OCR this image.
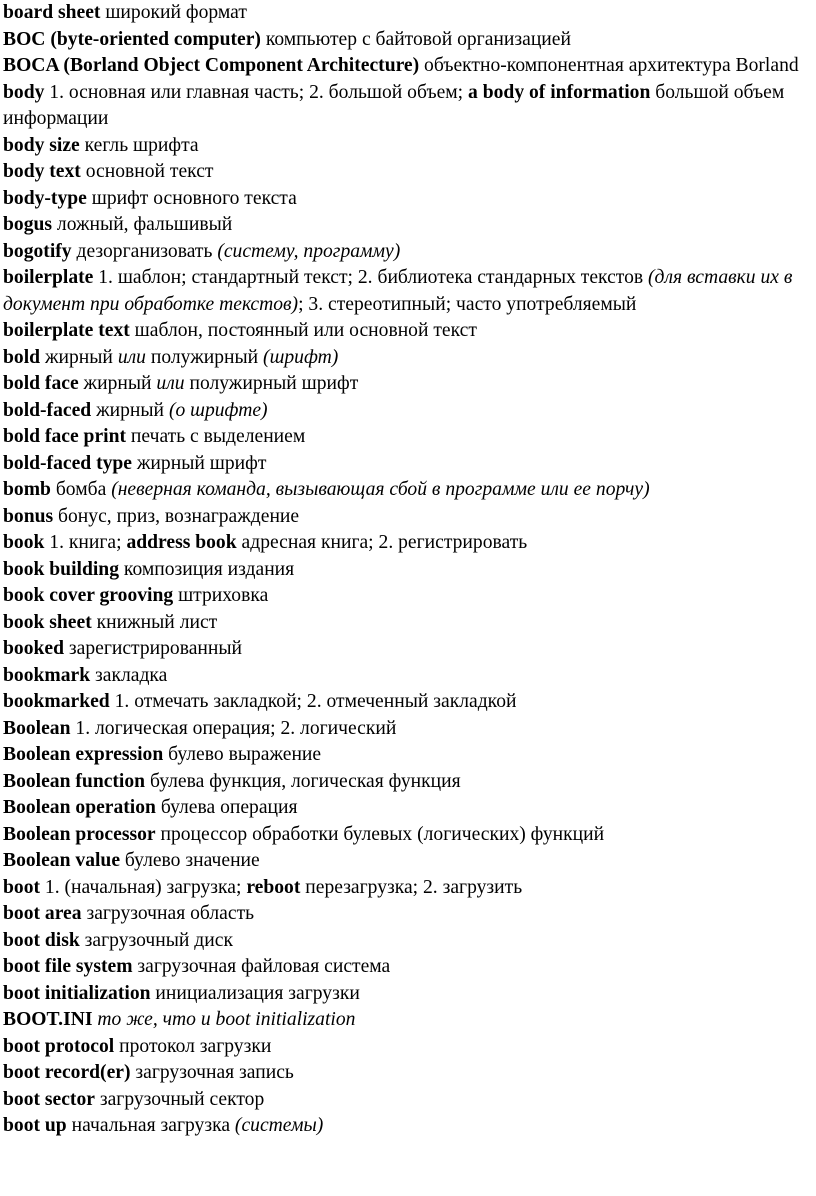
board sheet широкий формат
BOC (byte-oriented computer) компьютер с байтовой организацией
BOCA (Borland Object Component Architecture) объектно-компонентная архитектура Borland
body 1. основная или главная часть; 2. большой объем; a body of information большой объем информации
body size кегль шрифта
body text основной текст
body-type шрифт основного текста
bogus ложный, фальшивый
bogotify дезорганизовать (систему, программу)
boilerplate 1. шаблон; стандартный текст; 2. библиотека стандарных текстов (для вставки их в документ при обработке текстов); 3. стереотипный; часто употребляемый
boilerplate text шаблон, постоянный или основной текст
bold жирный или полужирный (шрифт)
bold face жирный или полужирный шрифт
bold-faced жирный (о шрифте)
bold face print печать с выделением
bold-faced type жирный шрифт
bomb бомба (неверная команда, вызывающая сбой в программе или ее порчу)
bonus бонус, приз, вознаграждение
book 1. книга; address book адресная книга; 2. регистрировать
book building композиция издания
book cover grooving штриховка
book sheet книжный лист
booked зарегистрированный
bookmark закладка
bookmarked 1. отмечать закладкой; 2. отмеченный закладкой
Boolean 1. логическая операция; 2. логический
Boolean expression булево выражение
Boolean function булева функция, логическая функция
Boolean operation булева операция
Boolean processor процессор обработки булевых (логических) функций
Boolean value булево значение
boot 1. (начальная) загрузка; reboot перезагрузка; 2. загрузить
boot area загрузочная область
boot disk загрузочный диск
boot file system загрузочная файловая система
boot initialization инициализация загрузки
BOOT.INI то же, что и boot initialization
boot protocol протокол загрузки
boot record(er) загрузочная запись
boot sector загрузочный сектор
boot up начальная загрузка (системы)
